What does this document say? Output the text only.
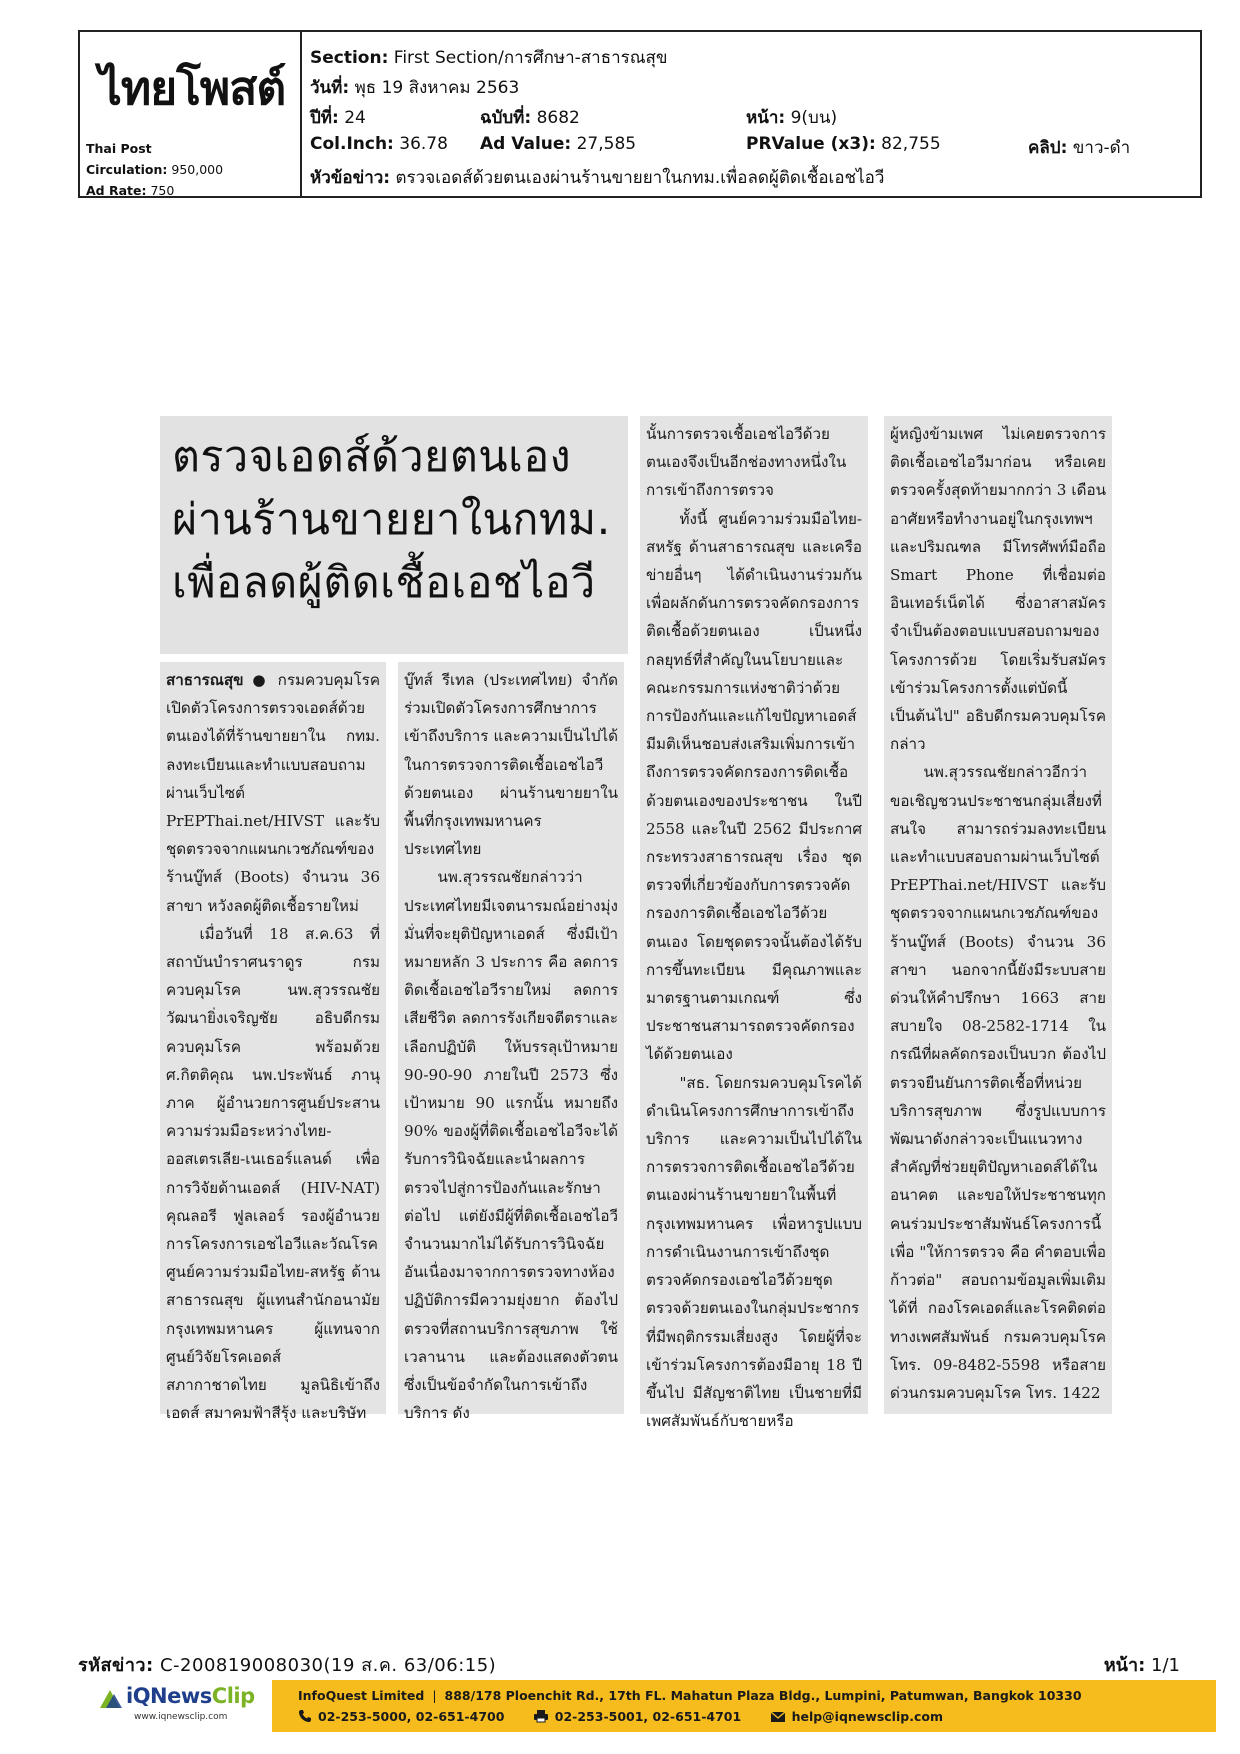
ไทยโพสต์
Thai Post
Circulation: 950,000
Ad Rate: 750
Section: First Section/การศึกษา-สาธารณสุข
วันที่: พุธ 19 สิงหาคม 2563
ปีที่: 24	ฉบับที่: 8682	หน้า: 9(บน)
Col.Inch: 36.78 Ad Value: 27,585	PRValue (x3): 82,755	คลิป: ขาว-ดำ
หัวข้อข่าว: ตรวจเอดส์ด้วยตนเองผ่านร้านขายยาในกทม.เพื่อลดผู้ติดเชื้อเอชไอวี
ตรวจเอดส์ด้วยตนเอง
ผ่านร้านขายยาในกทม.
เพื่อลดผู้ติดเชื้อเอชไอวี

สาธารณสุข ● กรมควบคุมโรคเปิดตัวโครงการตรวจเอดส์ด้วยตนเองได้ที่ร้านขายยาใน กทม. ลงทะเบียนและทำแบบสอบถามผ่านเว็บไซต์ PrEPThai.net/HIVST และรับชุดตรวจจากแผนกเวชภัณฑ์ของร้านบู๊ทส์ (Boots) จำนวน 36 สาขา หวังลดผู้ติดเชื้อรายใหม่

เมื่อวันที่ 18 ส.ค.63 ที่สถาบันบำราศนราดูร กรมควบคุมโรค นพ.สุวรรณชัย วัฒนายิ่งเจริญชัย อธิบดีกรมควบคุมโรค พร้อมด้วย ศ.กิตติคุณ นพ.ประพันธ์ ภานุภาค ผู้อำนวยการศูนย์ประสานความร่วมมือระหว่างไทย-ออสเตรเลีย-เนเธอร์แลนด์ เพื่อการวิจัยด้านเอดส์ (HIV-NAT) คุณลอรี ฟูลเลอร์ รองผู้อำนวยการโครงการเอชไอวีและวัณโรค ศูนย์ความร่วมมือไทย-สหรัฐ ด้านสาธารณสุข ผู้แทนสำนักอนามัย กรุงเทพมหานคร ผู้แทนจากศูนย์วิจัยโรคเอดส์ สภากาชาดไทย มูลนิธิเข้าถึงเอดส์ สมาคมฟ้าสีรุ้ง และบริษัท

บู๊ทส์ รีเทล (ประเทศไทย) จำกัด ร่วมเปิดตัวโครงการศึกษาการเข้าถึงบริการ และความเป็นไปได้ในการตรวจการติดเชื้อเอชไอวีด้วยตนเอง ผ่านร้านขายยาในพื้นที่กรุงเทพมหานคร ประเทศไทย

นพ.สุวรรณชัยกล่าวว่า ประเทศไทยมีเจตนารมณ์อย่างมุ่งมั่นที่จะยุติปัญหาเอดส์ ซึ่งมีเป้าหมายหลัก 3 ประการ คือ ลดการติดเชื้อเอชไอวีรายใหม่ ลดการเสียชีวิต ลดการรังเกียจตีตราและเลือกปฏิบัติ ให้บรรลุเป้าหมาย 90-90-90 ภายในปี 2573 ซึ่งเป้าหมาย 90 แรกนั้น หมายถึง 90% ของผู้ที่ติดเชื้อเอชไอวีจะได้รับการวินิจฉัยและนำผลการตรวจไปสู่การป้องกันและรักษาต่อไป แต่ยังมีผู้ที่ติดเชื้อเอชไอวีจำนวนมากไม่ได้รับการวินิจฉัย อันเนื่องมาจากการตรวจทางห้องปฏิบัติการมีความยุ่งยาก ต้องไปตรวจที่สถานบริการสุขภาพ ใช้เวลานาน และต้องแสดงตัวตน ซึ่งเป็นข้อจำกัดในการเข้าถึงบริการ ดัง

นั้นการตรวจเชื้อเอชไอวีด้วยตนเองจึงเป็นอีกช่องทางหนึ่งในการเข้าถึงการตรวจ

ทั้งนี้ ศูนย์ความร่วมมือไทย-สหรัฐ ด้านสาธารณสุข และเครือข่ายอื่นๆ ได้ดำเนินงานร่วมกัน เพื่อผลักดันการตรวจคัดกรองการติดเชื้อด้วยตนเอง เป็นหนึ่งกลยุทธ์ที่สำคัญในนโยบายและคณะกรรมการแห่งชาติว่าด้วยการป้องกันและแก้ไขปัญหาเอดส์ มีมติเห็นชอบส่งเสริมเพิ่มการเข้าถึงการตรวจคัดกรองการติดเชื้อด้วยตนเองของประชาชน ในปี 2558 และในปี 2562 มีประกาศกระทรวงสาธารณสุข เรื่อง ชุดตรวจที่เกี่ยวข้องกับการตรวจคัดกรองการติดเชื้อเอชไอวีด้วยตนเอง โดยชุดตรวจนั้นต้องได้รับการขึ้นทะเบียน มีคุณภาพและมาตรฐานตามเกณฑ์ ซึ่งประชาชนสามารถตรวจคัดกรองได้ด้วยตนเอง

"สธ. โดยกรมควบคุมโรคได้ดำเนินโครงการศึกษาการเข้าถึงบริการ และความเป็นไปได้ในการตรวจการติดเชื้อเอชไอวีด้วยตนเองผ่านร้านขายยาในพื้นที่กรุงเทพมหานคร เพื่อหารูปแบบการดำเนินงานการเข้าถึงชุดตรวจคัดกรองเอชไอวีด้วยชุดตรวจด้วยตนเองในกลุ่มประชากรที่มีพฤติกรรมเสี่ยงสูง โดยผู้ที่จะเข้าร่วมโครงการต้องมีอายุ 18 ปีขึ้นไป มีสัญชาติไทย เป็นชายที่มีเพศสัมพันธ์กับชายหรือ

ผู้หญิงข้ามเพศ ไม่เคยตรวจการติดเชื้อเอชไอวีมาก่อน หรือเคยตรวจครั้งสุดท้ายมากกว่า 3 เดือน อาศัยหรือทำงานอยู่ในกรุงเทพฯ และปริมณฑล มีโทรศัพท์มือถือ Smart Phone ที่เชื่อมต่ออินเทอร์เน็ตได้ ซึ่งอาสาสมัครจำเป็นต้องตอบแบบสอบถามของโครงการด้วย โดยเริ่มรับสมัครเข้าร่วมโครงการตั้งแต่บัดนี้เป็นต้นไป" อธิบดีกรมควบคุมโรคกล่าว

นพ.สุวรรณชัยกล่าวอีกว่า ขอเชิญชวนประชาชนกลุ่มเสี่ยงที่สนใจ สามารถร่วมลงทะเบียนและทำแบบสอบถามผ่านเว็บไซต์ PrEPThai.net/HIVST และรับชุดตรวจจากแผนกเวชภัณฑ์ของร้านบู๊ทส์ (Boots) จำนวน 36 สาขา นอกจากนี้ยังมีระบบสายด่วนให้คำปรึกษา 1663 สายสบายใจ 08-2582-1714 ในกรณีที่ผลคัดกรองเป็นบวก ต้องไปตรวจยืนยันการติดเชื้อที่หน่วยบริการสุขภาพ ซึ่งรูปแบบการพัฒนาดังกล่าวจะเป็นแนวทางสำคัญที่ช่วยยุติปัญหาเอดส์ได้ในอนาคต และขอให้ประชาชนทุกคนร่วมประชาสัมพันธ์โครงการนี้ เพื่อ "ให้การตรวจ คือ คำตอบเพื่อก้าวต่อ" สอบถามข้อมูลเพิ่มเติมได้ที่ กองโรคเอดส์และโรคติดต่อทางเพศสัมพันธ์ กรมควบคุมโรค โทร. 09-8482-5598 หรือสายด่วนกรมควบคุมโรค โทร. 1422

รหัสข่าว: C-200819008030(19 ส.ค. 63/06:15)	หน้า: 1/1
iQNewsClip
www.iqnewsclip.com
InfoQuest Limited | 888/178 Ploenchit Rd., 17th FL. Mahatun Plaza Bldg., Lumpini, Patumwan, Bangkok 10330
02-253-5000, 02-651-4700	02-253-5001, 02-651-4701	help@iqnewsclip.com
